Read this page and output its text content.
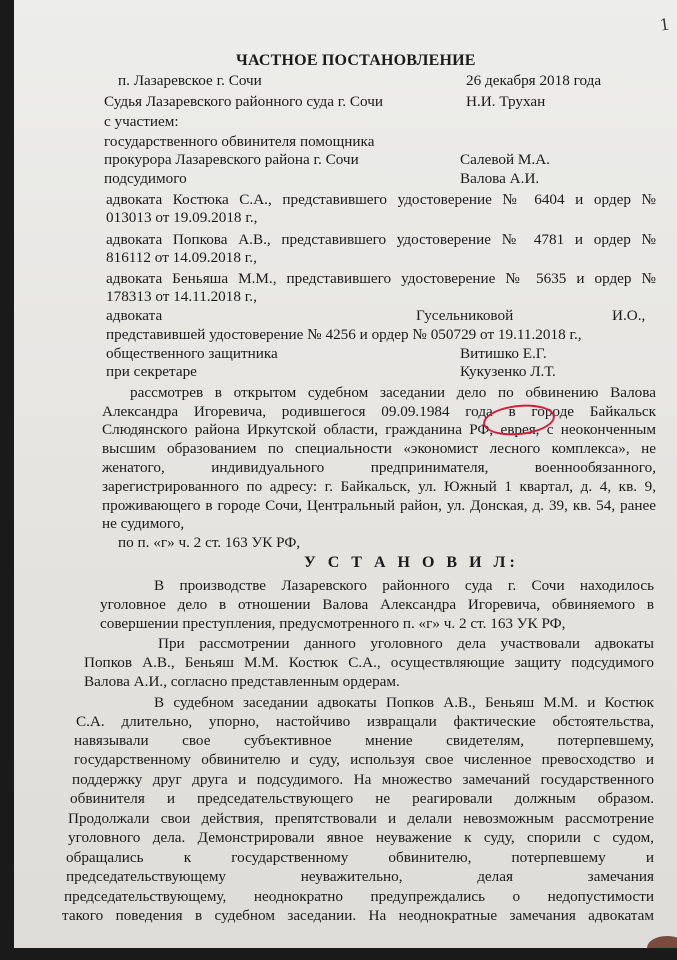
1
ЧАСТНОЕ ПОСТАНОВЛЕНИЕ
п. Лазаревское г. Сочи	26 декабря 2018 года
Судья Лазаревского районного суда г. Сочи	Н.И. Трухан
с участием:
государственного обвинителя помощника
прокурора Лазаревского района г. Сочи	Салевой М.А.
подсудимого	Валова А.И.
адвоката Костюка С.А., представившего удостоверение № 6404 и ордер №
013013 от 19.09.2018 г.,
адвоката Попкова А.В., представившего удостоверение № 4781 и ордер №
816112 от 14.09.2018 г.,
адвоката Беньяша М.М., представившего удостоверение № 5635 и ордер №
178313 от 14.11.2018 г.,
адвоката	Гусельниковой	И.О.,
представившей удостоверение № 4256 и ордер № 050729 от 19.11.2018 г.,
общественного защитника	Витишко Е.Г.
при секретаре	Кукузенко Л.Т.
рассмотрев в открытом судебном заседании дело по обвинению Валова
Александра Игоревича, родившегося 09.09.1984 года в городе Байкальск
Слюдянского района Иркутской области, гражданина РФ, еврея, с неоконченным
высшим образованием по специальности «экономист лесного комплекса», не
женатого, индивидуального предпринимателя, военнообязанного,
зарегистрированного по адресу: г. Байкальск, ул. Южный 1 квартал, д. 4, кв. 9,
проживающего в городе Сочи, Центральный район, ул. Донская, д. 39, кв. 54, ранее
не судимого,
по п. «г» ч. 2 ст. 163 УК РФ,
У С Т А Н О В И Л:
В производстве Лазаревского районного суда г. Сочи находилось
уголовное дело в отношении Валова Александра Игоревича, обвиняемого в
совершении преступления, предусмотренного п. «г» ч. 2 ст. 163 УК РФ,
При рассмотрении данного уголовного дела участвовали адвокаты
Попков А.В., Беньяш М.М. Костюк С.А., осуществляющие защиту подсудимого
Валова А.И., согласно представленным ордерам.
В судебном заседании адвокаты Попков А.В., Беньяш М.М. и Костюк
С.А. длительно, упорно, настойчиво извращали фактические обстоятельства,
навязывали свое субъективное мнение свидетелям, потерпевшему,
государственному обвинителю и суду, используя свое численное превосходство и
поддержку друг друга и подсудимого. На множество замечаний государственного
обвинителя и председательствующего не реагировали должным образом.
Продолжали свои действия, препятствовали и делали невозможным рассмотрение
уголовного дела. Демонстрировали явное неуважение к суду, спорили с судом,
обращались к государственному обвинителю, потерпевшему и
председательствующему неуважительно, делая замечания
председательствующему, неоднократно предупреждались о недопустимости
такого поведения в судебном заседании. На неоднократные замечания адвокатам
